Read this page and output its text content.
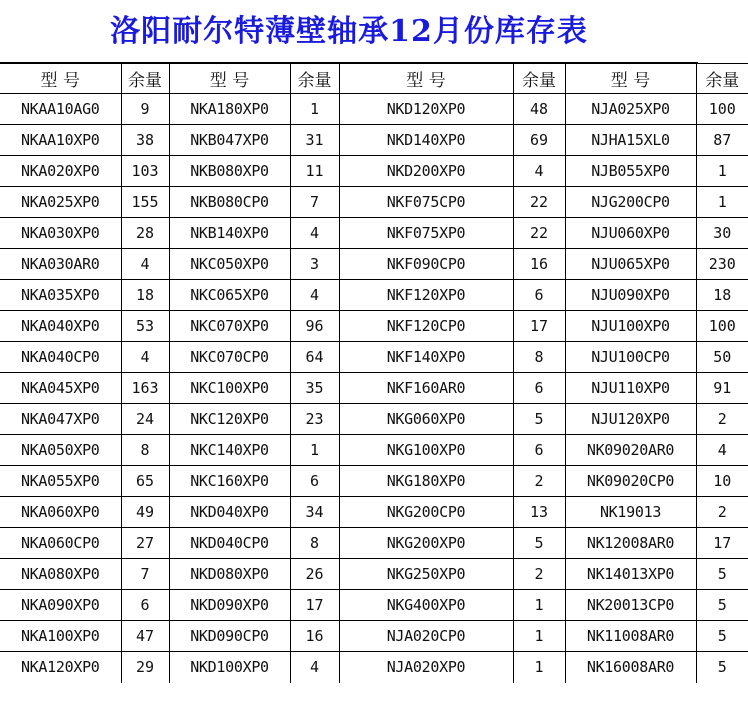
洛阳耐尔特薄壁轴承12月份库存表
型 号	余量	型 号	余量	型 号	余量	型 号	余量
NKAA10AG0	9	NKA180XP0	1	NKD120XP0	48	NJA025XP0	100
NKAA10XP0	38	NKB047XP0	31	NKD140XP0	69	NJHA15XL0	87
NKA020XP0	103	NKB080XP0	11	NKD200XP0	4	NJB055XP0	1
NKA025XP0	155	NKB080CP0	7	NKF075CP0	22	NJG200CP0	1
NKA030XP0	28	NKB140XP0	4	NKF075XP0	22	NJU060XP0	30
NKA030AR0	4	NKC050XP0	3	NKF090CP0	16	NJU065XP0	230
NKA035XP0	18	NKC065XP0	4	NKF120XP0	6	NJU090XP0	18
NKA040XP0	53	NKC070XP0	96	NKF120CP0	17	NJU100XP0	100
NKA040CP0	4	NKC070CP0	64	NKF140XP0	8	NJU100CP0	50
NKA045XP0	163	NKC100XP0	35	NKF160AR0	6	NJU110XP0	91
NKA047XP0	24	NKC120XP0	23	NKG060XP0	5	NJU120XP0	2
NKA050XP0	8	NKC140XP0	1	NKG100XP0	6	NK09020AR0	4
NKA055XP0	65	NKC160XP0	6	NKG180XP0	2	NK09020CP0	10
NKA060XP0	49	NKD040XP0	34	NKG200CP0	13	NK19013	2
NKA060CP0	27	NKD040CP0	8	NKG200XP0	5	NK12008AR0	17
NKA080XP0	7	NKD080XP0	26	NKG250XP0	2	NK14013XP0	5
NKA090XP0	6	NKD090XP0	17	NKG400XP0	1	NK20013CP0	5
NKA100XP0	47	NKD090CP0	16	NJA020CP0	1	NK11008AR0	5
NKA120XP0	29	NKD100XP0	4	NJA020XP0	1	NK16008AR0	5
